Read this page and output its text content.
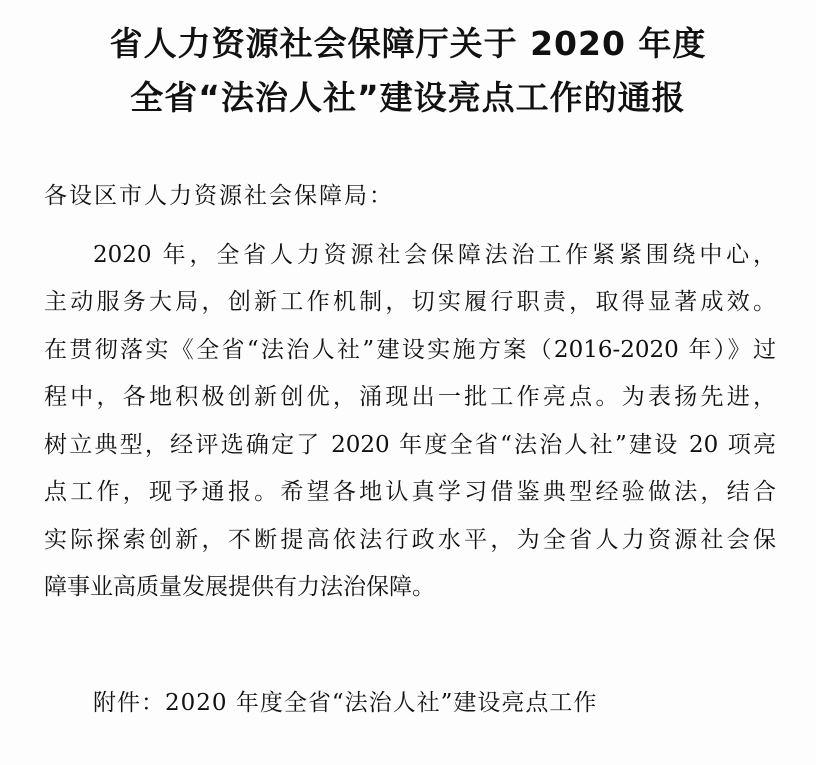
省人力资源社会保障厅关于 2020 年度
全省“法治人社”建设亮点工作的通报
各设区市人力资源社会保障局：
2020 年，全省人力资源社会保障法治工作紧紧围绕中心，
主动服务大局，创新工作机制，切实履行职责，取得显著成效。
在贯彻落实《全省“法治人社”建设实施方案（2016-2020 年）》过
程中，各地积极创新创优，涌现出一批工作亮点。为表扬先进，
树立典型，经评选确定了 2020 年度全省“法治人社”建设 20 项亮
点工作，现予通报。希望各地认真学习借鉴典型经验做法，结合
实际探索创新，不断提高依法行政水平，为全省人力资源社会保
障事业高质量发展提供有力法治保障。
附件：2020 年度全省“法治人社”建设亮点工作
